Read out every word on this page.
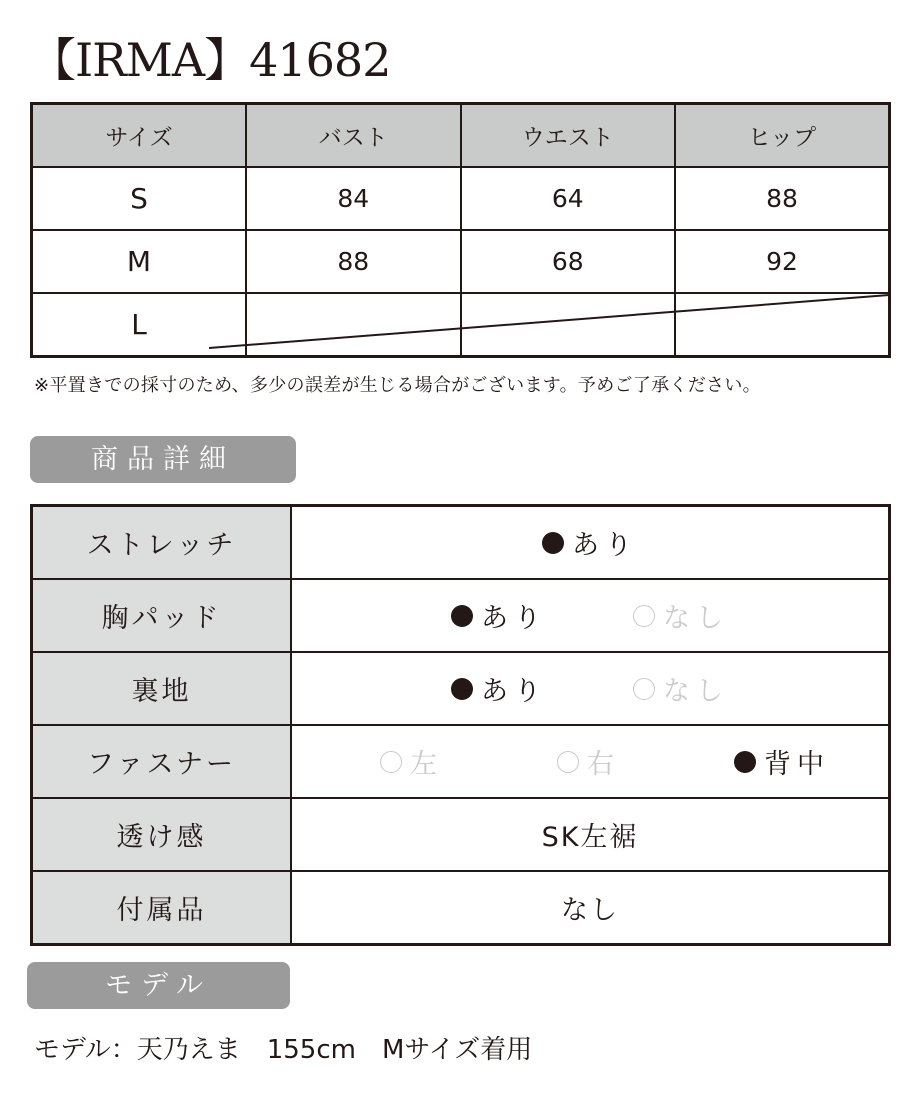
【IRMA】41682
サイズ	バスト	ウエスト	ヒップ
S	84	64	88
M	88	68	92
L			
※平置きでの採寸のため、多少の誤差が生じる場合がございます。予めご了承ください。
商品詳細
ストレッチ	あり

胸パッド	あり なし

裏地	あり なし

ファスナー	左 右 背中

透け感	SK左裾
付属品	なし
モデル
モデル：天乃えま　155cm　Mサイズ着用
